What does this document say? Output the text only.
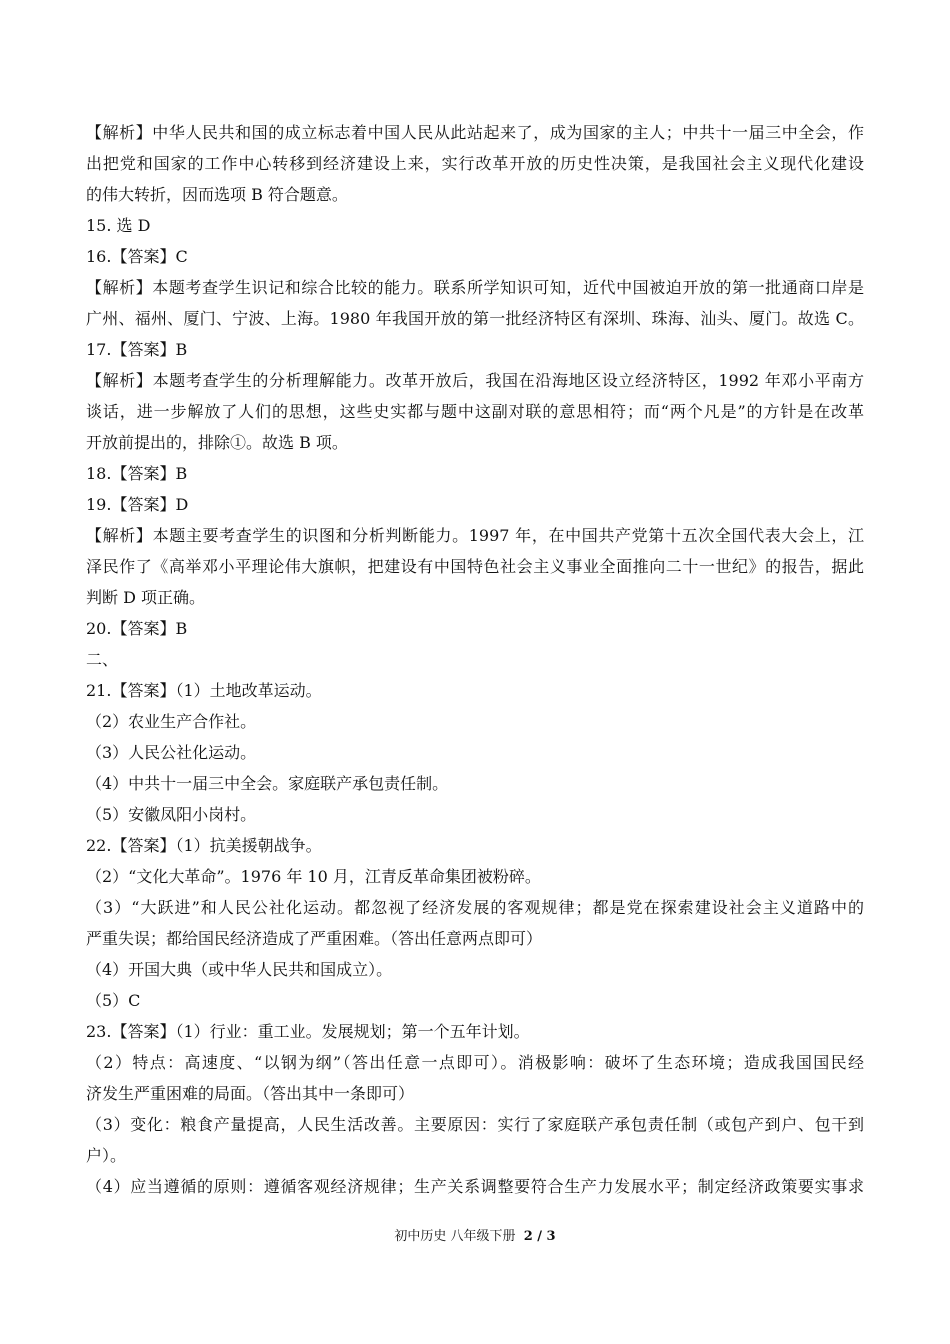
【解析】中华人民共和国的成立标志着中国人民从此站起来了，成为国家的主人；中共十一届三中全会，作
出把党和国家的工作中心转移到经济建设上来，实行改革开放的历史性决策，是我国社会主义现代化建设
的伟大转折，因而选项 B 符合题意。
15. 选 D
16.【答案】C
【解析】本题考查学生识记和综合比较的能力。联系所学知识可知，近代中国被迫开放的第一批通商口岸是
广州、福州、厦门、宁波、上海。1980 年我国开放的第一批经济特区有深圳、珠海、汕头、厦门。故选 C。
17.【答案】B
【解析】本题考查学生的分析理解能力。改革开放后，我国在沿海地区设立经济特区，1992 年邓小平南方
谈话，进一步解放了人们的思想，这些史实都与题中这副对联的意思相符；而“两个凡是”的方针是在改革
开放前提出的，排除①。故选 B 项。
18.【答案】B
19.【答案】D
【解析】本题主要考查学生的识图和分析判断能力。1997 年，在中国共产党第十五次全国代表大会上，江
泽民作了《高举邓小平理论伟大旗帜，把建设有中国特色社会主义事业全面推向二十一世纪》的报告，据此
判断 D 项正确。
20.【答案】B
二、
21.【答案】（1）土地改革运动。
（2）农业生产合作社。
（3）人民公社化运动。
（4）中共十一届三中全会。家庭联产承包责任制。
（5）安徽凤阳小岗村。
22.【答案】（1）抗美援朝战争。
（2）“文化大革命”。1976 年 10 月，江青反革命集团被粉碎。
（3）“大跃进”和人民公社化运动。都忽视了经济发展的客观规律；都是党在探索建设社会主义道路中的
严重失误；都给国民经济造成了严重困难。（答出任意两点即可）
（4）开国大典（或中华人民共和国成立）。
（5）C
23.【答案】（1）行业：重工业。发展规划；第一个五年计划。
（2）特点：高速度、“以钢为纲”（答出任意一点即可）。消极影响：破坏了生态环境；造成我国国民经
济发生严重困难的局面。（答出其中一条即可）
（3）变化：粮食产量提高，人民生活改善。主要原因：实行了家庭联产承包责任制（或包产到户、包干到
户）。
（4）应当遵循的原则：遵循客观经济规律；生产关系调整要符合生产力发展水平；制定经济政策要实事求
初中历史 八年级下册 2 / 3
